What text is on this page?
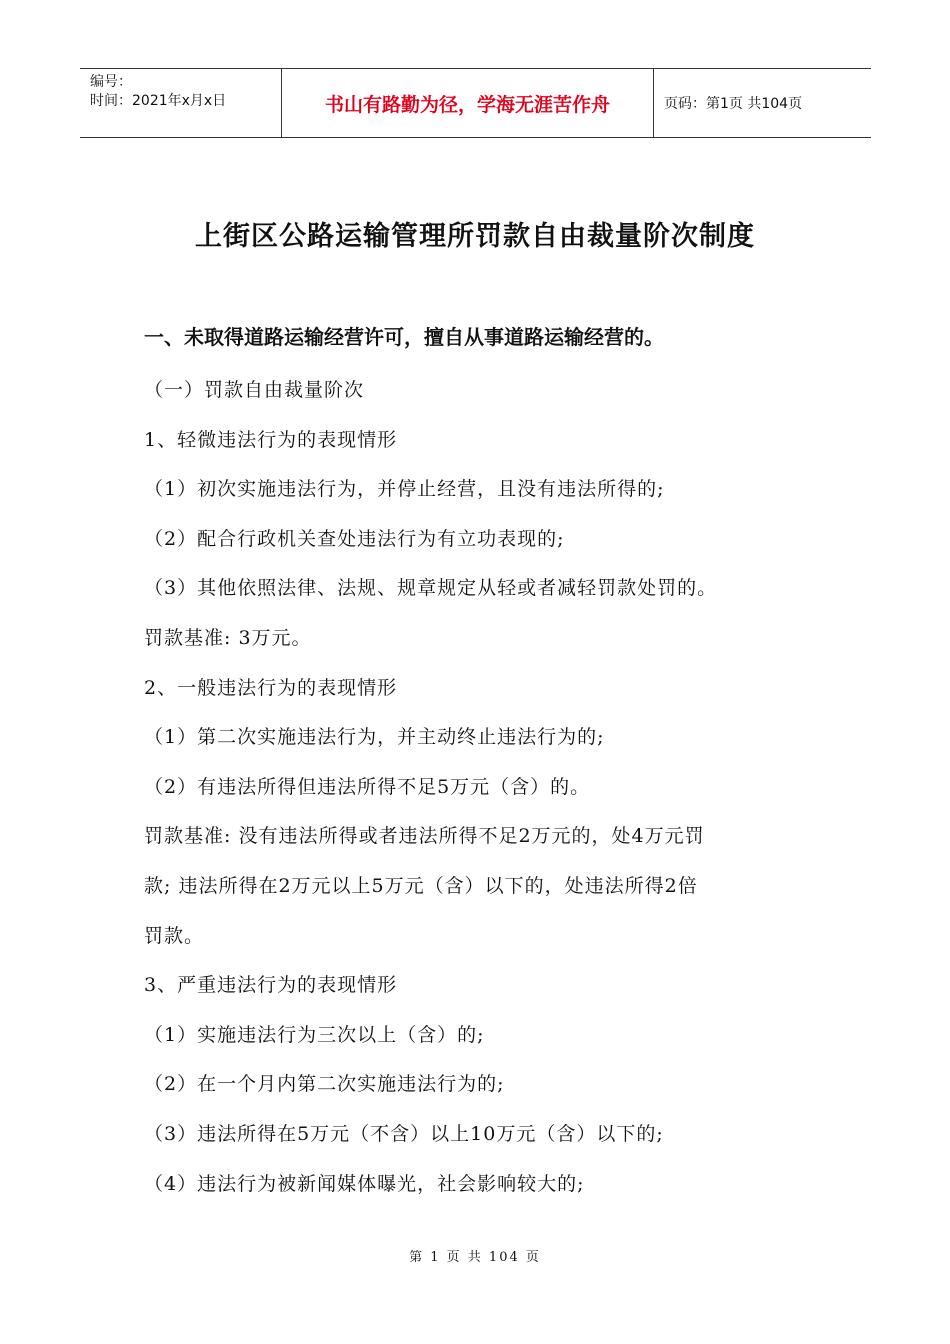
编号：
时间：2021年x月x日	书山有路勤为径，学海无涯苦作舟	页码：第1页 共104页
上街区公路运输管理所罚款自由裁量阶次制度

一、未取得道路运输经营许可，擅自从事道路运输经营的。

（一）罚款自由裁量阶次

1、轻微违法行为的表现情形

（1）初次实施违法行为，并停止经营，且没有违法所得的;

（2）配合行政机关查处违法行为有立功表现的;

（3）其他依照法律、法规、规章规定从轻或者减轻罚款处罚的。

罚款基准: 3万元。

2、一般违法行为的表现情形

（1）第二次实施违法行为，并主动终止违法行为的;

（2）有违法所得但违法所得不足5万元（含）的。

罚款基准: 没有违法所得或者违法所得不足2万元的，处4万元罚

款; 违法所得在2万元以上5万元（含）以下的，处违法所得2倍

罚款。

3、严重违法行为的表现情形

（1）实施违法行为三次以上（含）的;

（2）在一个月内第二次实施违法行为的;

（3）违法所得在5万元（不含）以上10万元（含）以下的;

（4）违法行为被新闻媒体曝光，社会影响较大的;

第 1 页 共 104 页
